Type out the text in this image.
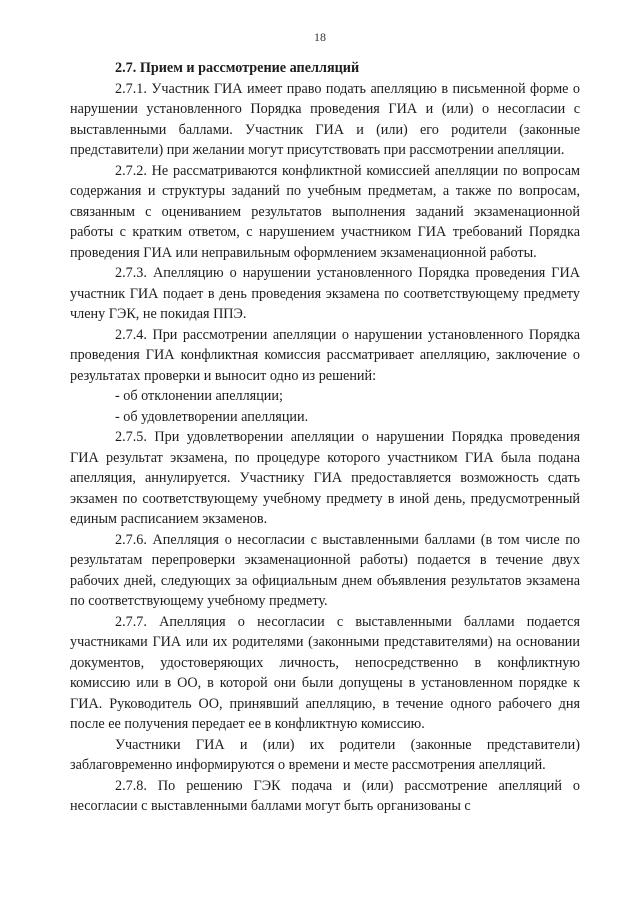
18

2.7. Прием и рассмотрение апелляций

2.7.1. Участник ГИА имеет право подать апелляцию в письменной форме о нарушении установленного Порядка проведения ГИА и (или) о несогласии с выставленными баллами. Участник ГИА и (или) его родители (законные представители) при желании могут присутствовать при рассмотрении апелляции.

2.7.2. Не рассматриваются конфликтной комиссией апелляции по вопросам содержания и структуры заданий по учебным предметам, а также по вопросам, связанным с оцениванием результатов выполнения заданий экзаменационной работы с кратким ответом, с нарушением участником ГИА требований Порядка проведения ГИА или неправильным оформлением экзаменационной работы.

2.7.3. Апелляцию о нарушении установленного Порядка проведения ГИА участник ГИА подает в день проведения экзамена по соответствующему предмету члену ГЭК, не покидая ППЭ.

2.7.4. При рассмотрении апелляции о нарушении установленного Порядка проведения ГИА конфликтная комиссия рассматривает апелляцию, заключение о результатах проверки и выносит одно из решений:

- об отклонении апелляции;

- об удовлетворении апелляции.

2.7.5. При удовлетворении апелляции о нарушении Порядка проведения ГИА результат экзамена, по процедуре которого участником ГИА была подана апелляция, аннулируется. Участнику ГИА предоставляется возможность сдать экзамен по соответствующему учебному предмету в иной день, предусмотренный единым расписанием экзаменов.

2.7.6. Апелляция о несогласии с выставленными баллами (в том числе по результатам перепроверки экзаменационной работы) подается в течение двух рабочих дней, следующих за официальным днем объявления результатов экзамена по соответствующему учебному предмету.

2.7.7. Апелляция о несогласии с выставленными баллами подается участниками ГИА или их родителями (законными представителями) на основании документов, удостоверяющих личность, непосредственно в конфликтную комиссию или в ОО, в которой они были допущены в установленном порядке к ГИА. Руководитель ОО, принявший апелляцию, в течение одного рабочего дня после ее получения передает ее в конфликтную комиссию.

Участники ГИА и (или) их родители (законные представители) заблаговременно информируются о времени и месте рассмотрения апелляций.

2.7.8. По решению ГЭК подача и (или) рассмотрение апелляций о несогласии с выставленными баллами могут быть организованы с
